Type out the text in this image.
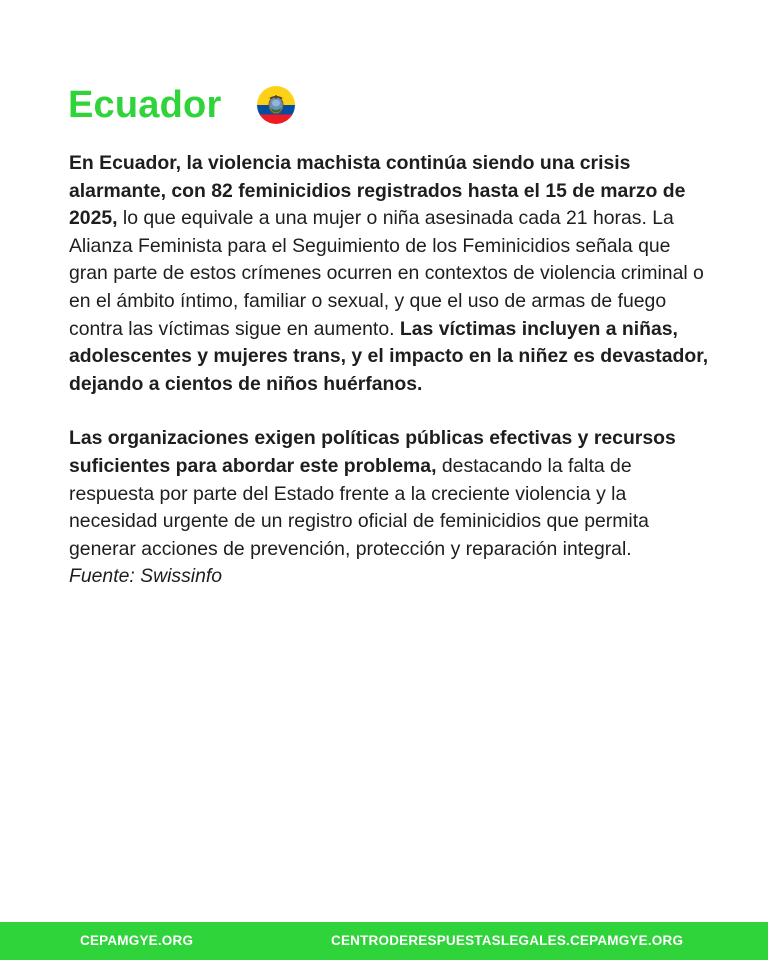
Ecuador

En Ecuador, la violencia machista continúa siendo una crisis alarmante, con 82 feminicidios registrados hasta el 15 de marzo de 2025, lo que equivale a una mujer o niña asesinada cada 21 horas. La Alianza Feminista para el Seguimiento de los Feminicidios señala que gran parte de estos crímenes ocurren en contextos de violencia criminal o en el ámbito íntimo, familiar o sexual, y que el uso de armas de fuego contra las víctimas sigue en aumento. Las víctimas incluyen a niñas, adolescentes y mujeres trans, y el impacto en la niñez es devastador, dejando a cientos de niños huérfanos.

Las organizaciones exigen políticas públicas efectivas y recursos suficientes para abordar este problema, destacando la falta de respuesta por parte del Estado frente a la creciente violencia y la necesidad urgente de un registro oficial de feminicidios que permita generar acciones de prevención, protección y reparación integral.
Fuente: Swissinfo

CEPAMGYE.ORG	CENTRODERESPUESTASLEGALES.CEPAMGYE.ORG
